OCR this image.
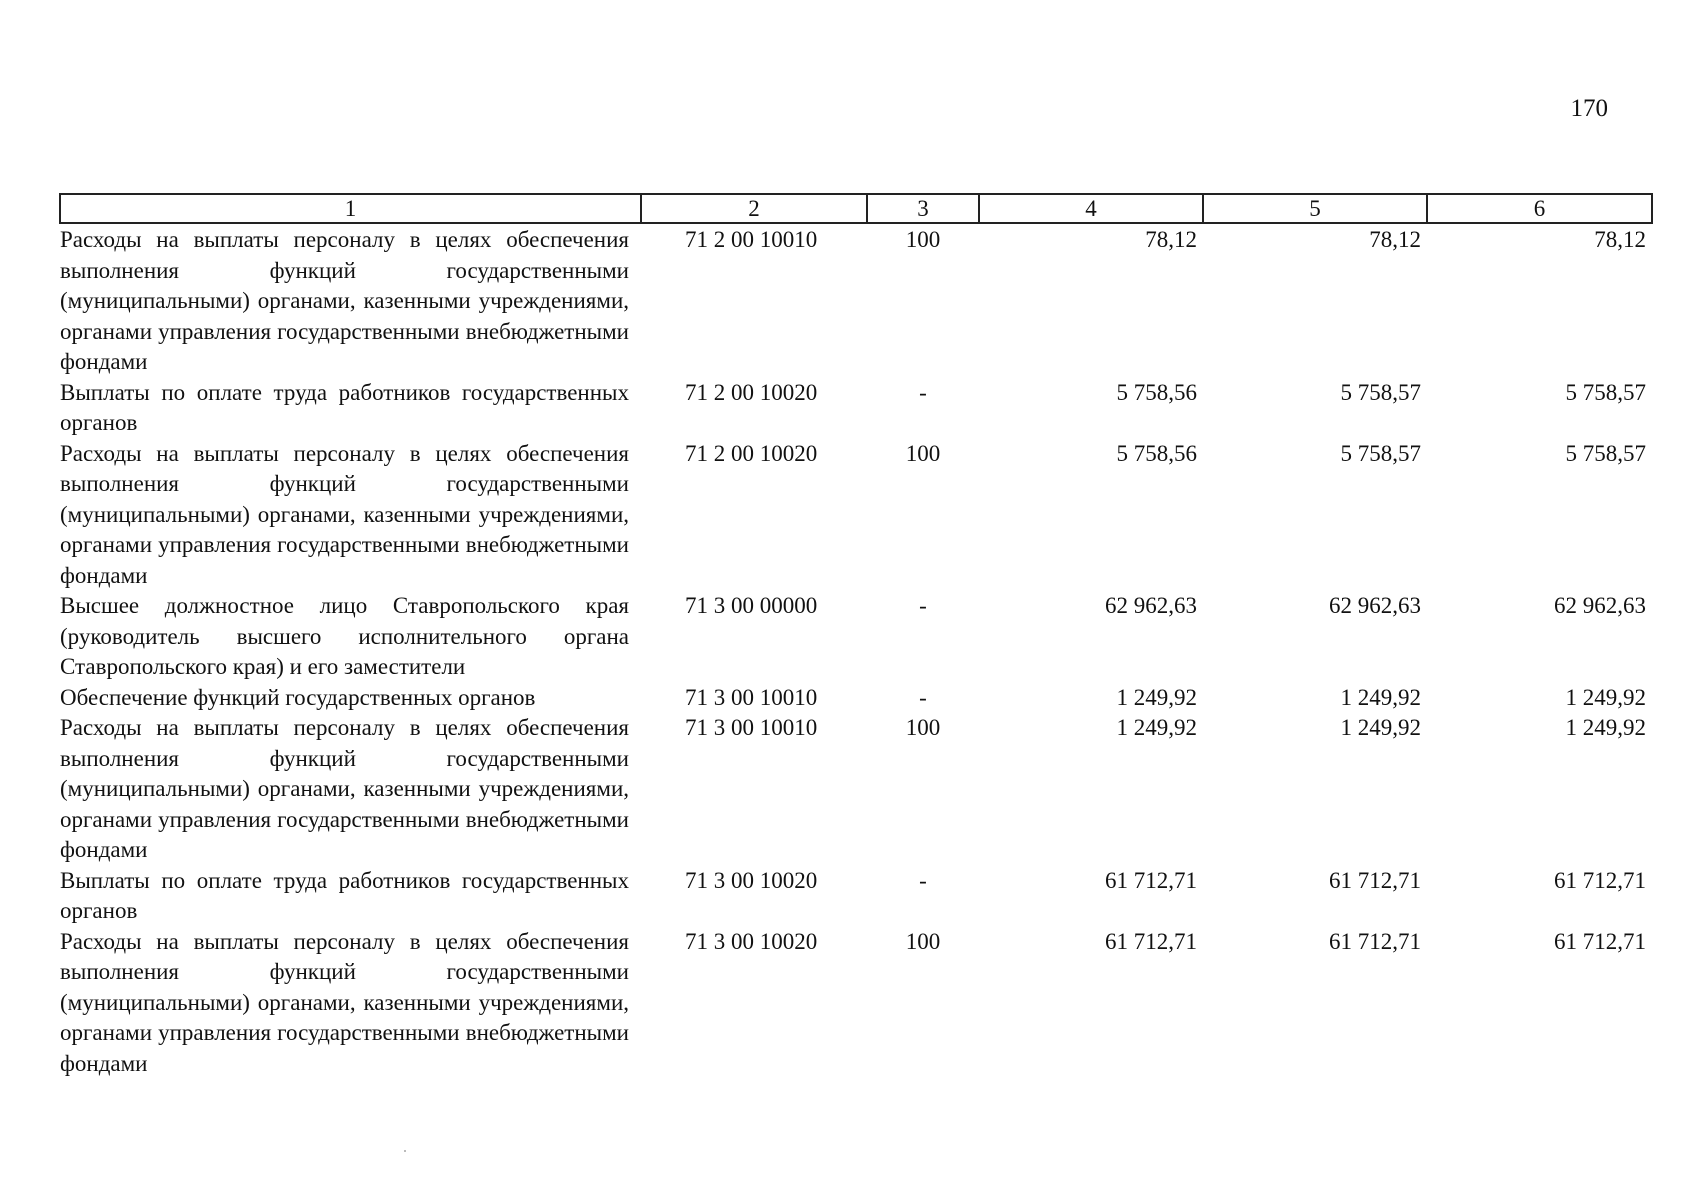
170
1	2	3	4	5	6

Расходы на выплаты персоналу в целях обеспечения выполнения функций государственными (муниципальными) органами, казенными учреждениями, органами управления государственными внебюджетными фондами	71 2 00 10010	100	78,12	78,12	78,12

Выплаты по оплате труда работников государственных органов	71 2 00 10020	-	5 758,56	5 758,57	5 758,57

Расходы на выплаты персоналу в целях обеспечения выполнения функций государственными (муниципальными) органами, казенными учреждениями, органами управления государственными внебюджетными фондами	71 2 00 10020	100	5 758,56	5 758,57	5 758,57

Высшее должностное лицо Ставропольского края (руководитель высшего исполнительного органа Ставропольского края) и его заместители	71 3 00 00000	-	62 962,63	62 962,63	62 962,63

Обеспечение функций государственных органов	71 3 00 10010	-	1 249,92	1 249,92	1 249,92

Расходы на выплаты персоналу в целях обеспечения выполнения функций государственными (муниципальными) органами, казенными учреждениями, органами управления государственными внебюджетными фондами	71 3 00 10010	100	1 249,92	1 249,92	1 249,92

Выплаты по оплате труда работников государственных органов	71 3 00 10020	-	61 712,71	61 712,71	61 712,71

Расходы на выплаты персоналу в целях обеспечения выполнения функций государственными (муниципальными) органами, казенными учреждениями, органами управления государственными внебюджетными фондами	71 3 00 10020	100	61 712,71	61 712,71	61 712,71
